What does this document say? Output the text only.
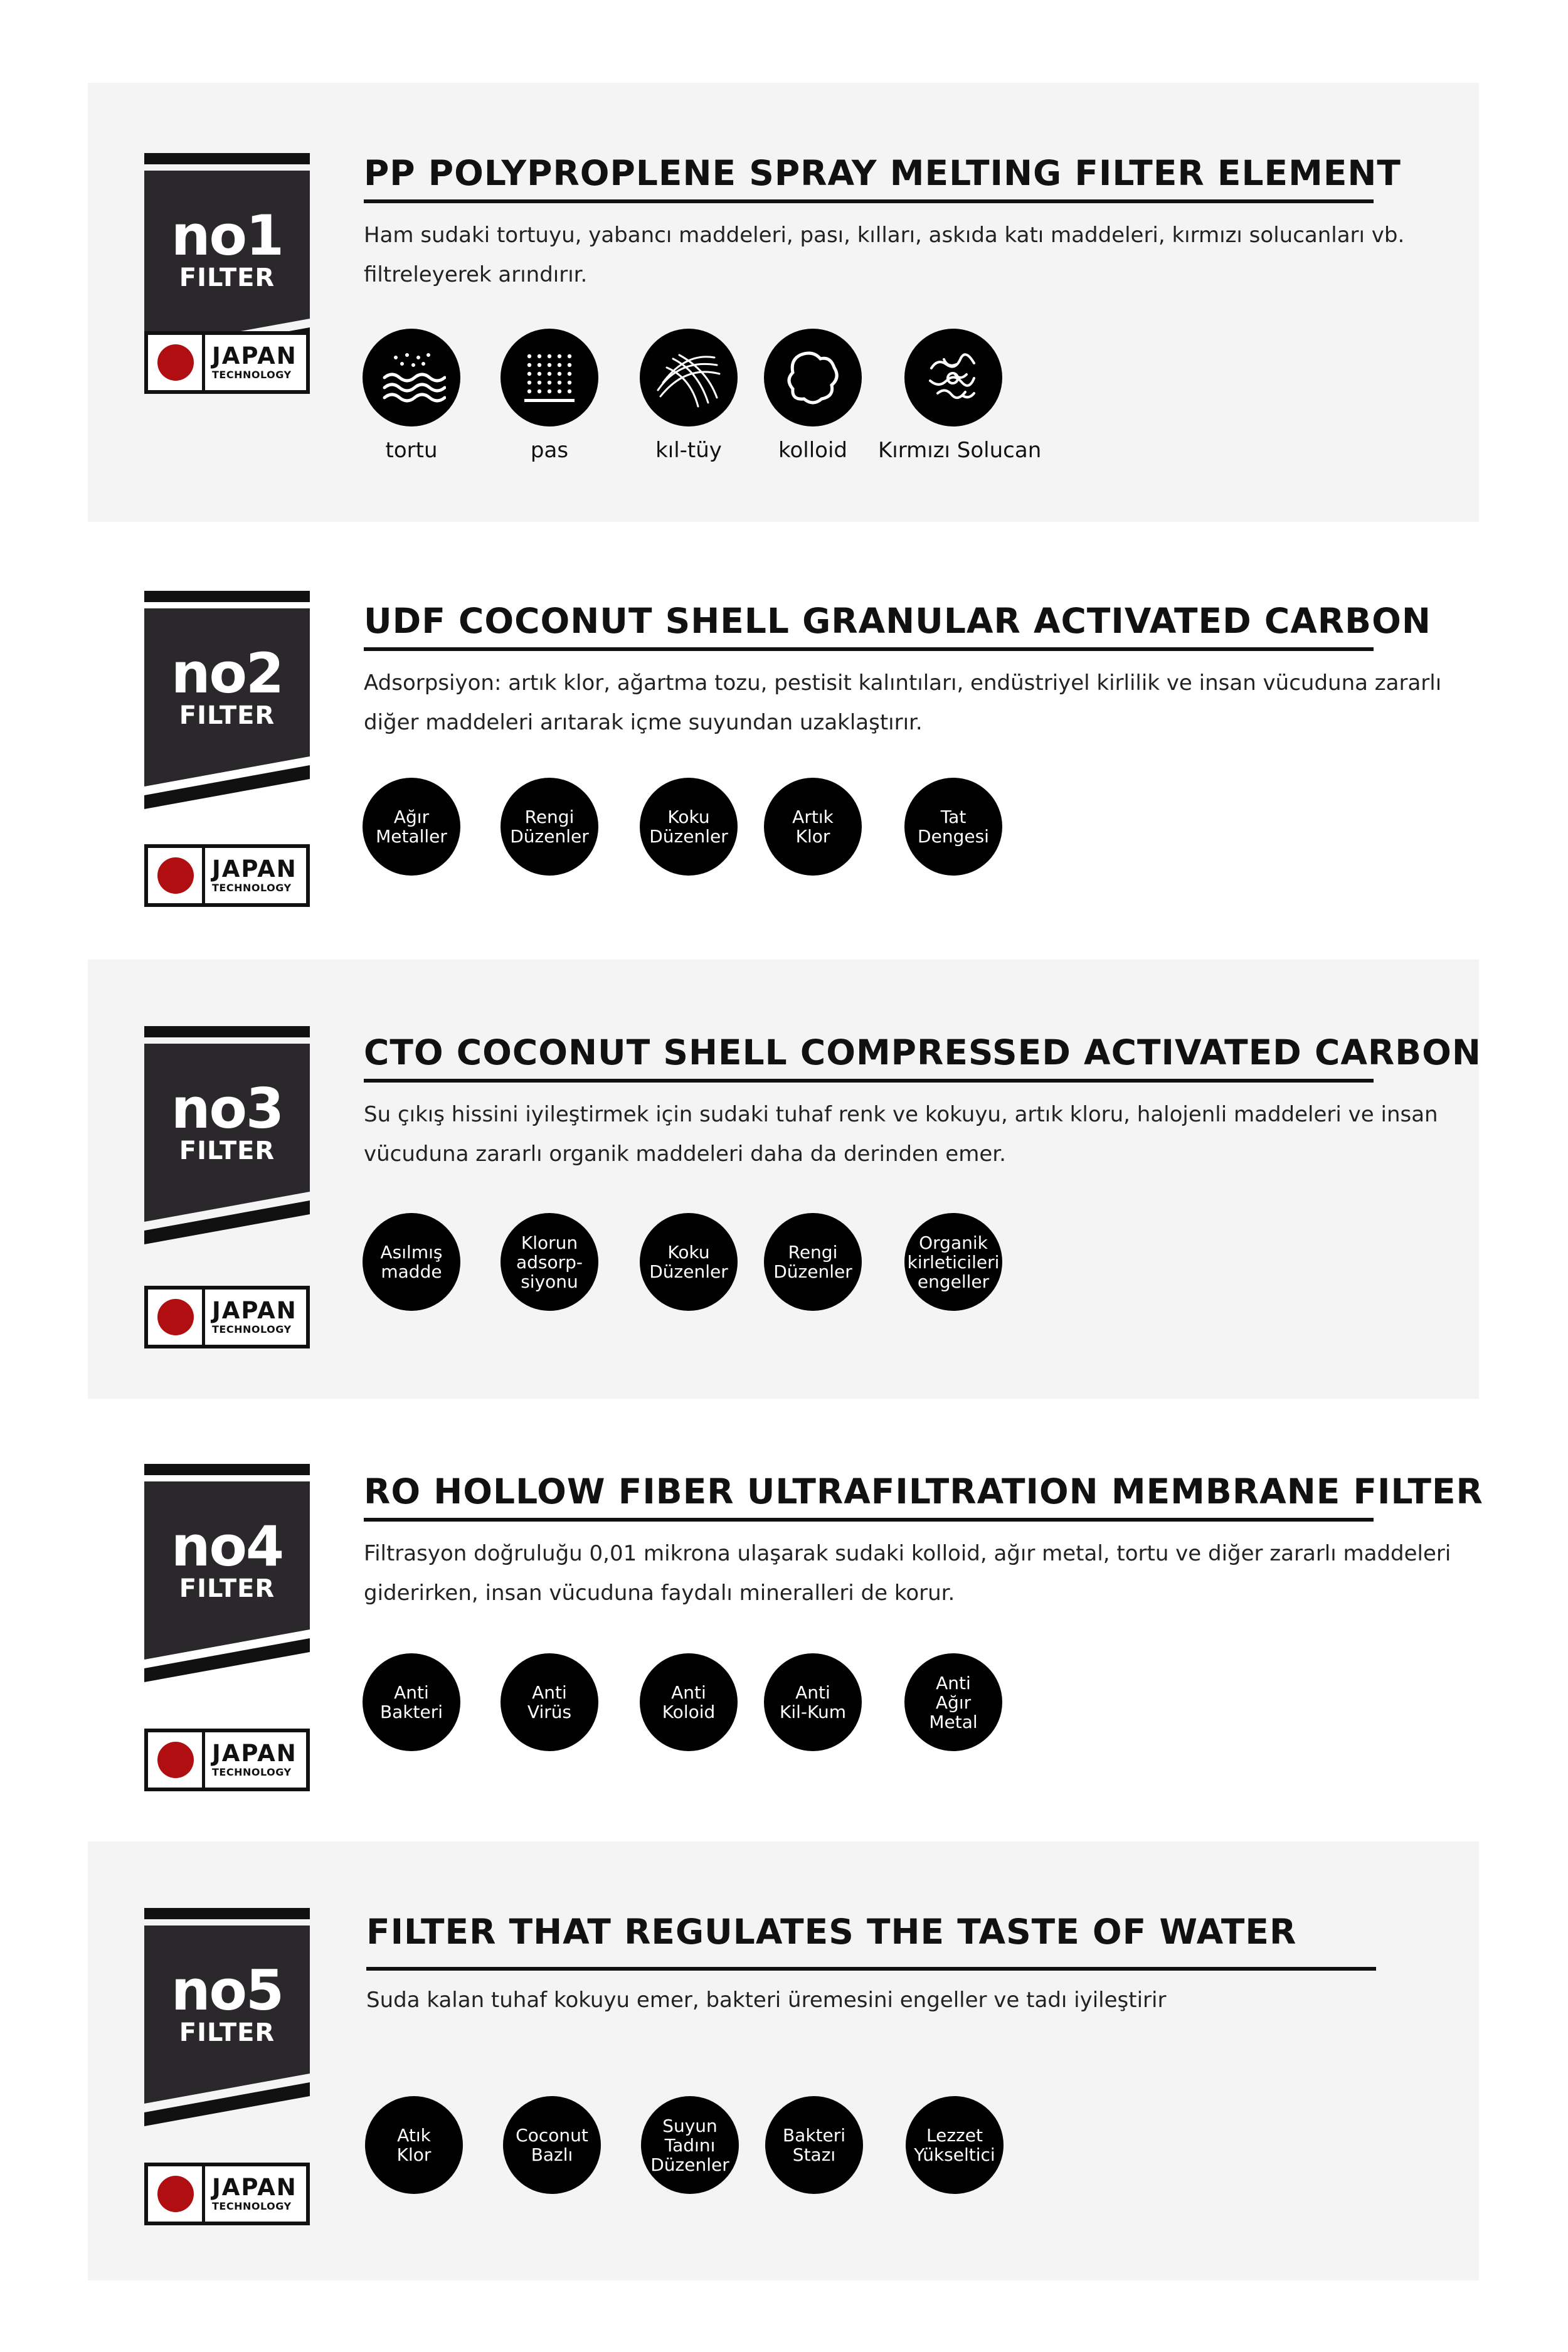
no1
FILTER
JAPAN
TECHNOLOGY
PP POLYPROPLENE SPRAY MELTING FILTER ELEMENT
Ham sudaki tortuyu, yabancı maddeleri, pası, kılları, askıda katı maddeleri, kırmızı solucanları vb. filtreleyerek arındırır.
tortu	pas	kıl-tüy	kolloid	Kırmızı Solucan
no2
FILTER
JAPAN
TECHNOLOGY
UDF COCONUT SHELL GRANULAR ACTIVATED CARBON
Adsorpsiyon: artık klor, ağartma tozu, pestisit kalıntıları, endüstriyel kirlilik ve insan vücuduna zararlı diğer maddeleri arıtarak içme suyundan uzaklaştırır.
Ağır
Metaller
Rengi
Düzenler
Koku
Düzenler
Artık
Klor
Tat
Dengesi
no3
FILTER
JAPAN
TECHNOLOGY
CTO COCONUT SHELL COMPRESSED ACTIVATED CARBON
Su çıkış hissini iyileştirmek için sudaki tuhaf renk ve kokuyu, artık kloru, halojenli maddeleri ve insan vücuduna zararlı organik maddeleri daha da derinden emer.
Asılmış
madde
Klorun
adsorp-
siyonu
Koku
Düzenler
Rengi
Düzenler
Organik
kirleticileri
engeller
no4
FILTER
JAPAN
TECHNOLOGY
RO HOLLOW FIBER ULTRAFILTRATION MEMBRANE FILTER
Filtrasyon doğruluğu 0,01 mikrona ulaşarak sudaki kolloid, ağır metal, tortu ve diğer zararlı maddeleri giderirken, insan vücuduna faydalı mineralleri de korur.
Anti
Bakteri
Anti
Virüs
Anti
Koloid
Anti
Kil-Kum
Anti
Ağır
Metal
no5
FILTER
JAPAN
TECHNOLOGY
FILTER THAT REGULATES THE TASTE OF WATER
Suda kalan tuhaf kokuyu emer, bakteri üremesini engeller ve tadı iyileştirir
Atık
Klor
Coconut
Bazlı
Suyun
Tadını
Düzenler
Bakteri
Stazı
Lezzet
Yükseltici
